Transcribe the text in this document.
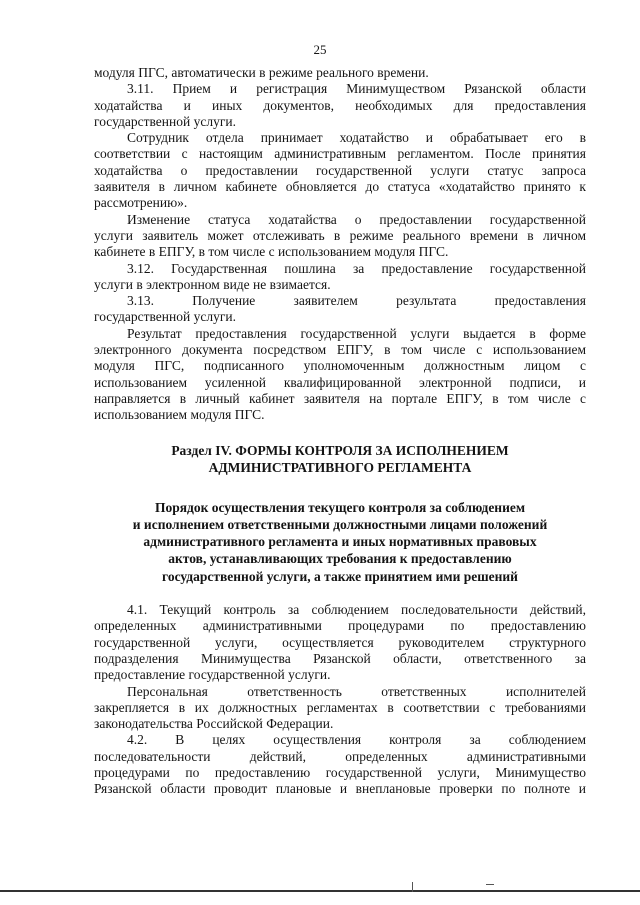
25
модуля ПГС, автоматически в режиме реального времени.
3.11. Прием и регистрация Минимуществом Рязанской области
ходатайства и иных документов, необходимых для предоставления
государственной услуги.
Сотрудник отдела принимает ходатайство и обрабатывает его в
соответствии с настоящим административным регламентом. После принятия
ходатайства о предоставлении государственной услуги статус запроса
заявителя в личном кабинете обновляется до статуса «ходатайство принято к
рассмотрению».
Изменение статуса ходатайства о предоставлении государственной
услуги заявитель может отслеживать в режиме реального времени в личном
кабинете в ЕПГУ, в том числе с использованием модуля ПГС.
3.12. Государственная пошлина за предоставление государственной
услуги в электронном виде не взимается.
3.13. Получение заявителем результата предоставления
государственной услуги.
Результат предоставления государственной услуги выдается в форме
электронного документа посредством ЕПГУ, в том числе с использованием
модуля ПГС, подписанного уполномоченным должностным лицом с
использованием усиленной квалифицированной электронной подписи, и
направляется в личный кабинет заявителя на портале ЕПГУ, в том числе с
использованием модуля ПГС.
Раздел IV. ФОРМЫ КОНТРОЛЯ ЗА ИСПОЛНЕНИЕМ
АДМИНИСТРАТИВНОГО РЕГЛАМЕНТА
Порядок осуществления текущего контроля за соблюдением
и исполнением ответственными должностными лицами положений
административного регламента и иных нормативных правовых
актов, устанавливающих требования к предоставлению
государственной услуги, а также принятием ими решений
4.1. Текущий контроль за соблюдением последовательности действий,
определенных административными процедурами по предоставлению
государственной услуги, осуществляется руководителем структурного
подразделения Минимущества Рязанской области, ответственного за
предоставление государственной услуги.
Персональная ответственность ответственных исполнителей
закрепляется в их должностных регламентах в соответствии с требованиями
законодательства Российской Федерации.
4.2. В целях осуществления контроля за соблюдением
последовательности действий, определенных административными
процедурами по предоставлению государственной услуги, Минимущество
Рязанской области проводит плановые и внеплановые проверки по полноте и
